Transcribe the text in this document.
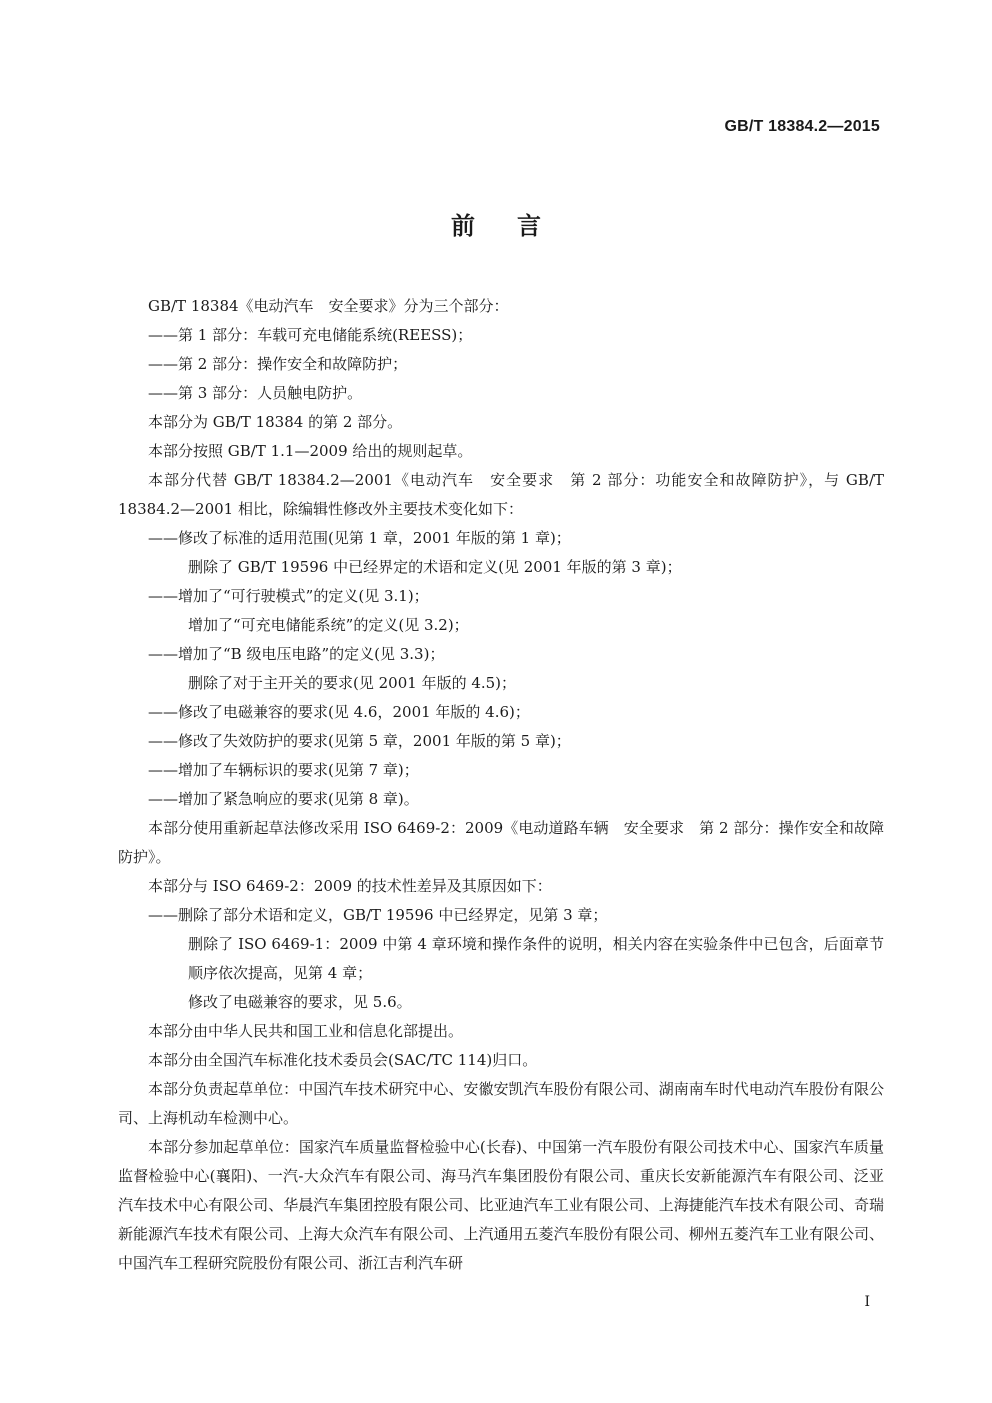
GB/T 18384.2—2015
前言

GB/T 18384《电动汽车　安全要求》分为三个部分：

——第 1 部分：车载可充电储能系统(REESS)；

——第 2 部分：操作安全和故障防护；

——第 3 部分：人员触电防护。

本部分为 GB/T 18384 的第 2 部分。

本部分按照 GB/T 1.1—2009 给出的规则起草。

本部分代替 GB/T 18384.2—2001《电动汽车　安全要求　第 2 部分：功能安全和故障防护》，与 GB/T 18384.2—2001 相比，除编辑性修改外主要技术变化如下：

——修改了标准的适用范围(见第 1 章，2001 年版的第 1 章)；

删除了 GB/T 19596 中已经界定的术语和定义(见 2001 年版的第 3 章)；

——增加了“可行驶模式”的定义(见 3.1)；

增加了“可充电储能系统”的定义(见 3.2)；

——增加了“B 级电压电路”的定义(见 3.3)；

删除了对于主开关的要求(见 2001 年版的 4.5)；

——修改了电磁兼容的要求(见 4.6，2001 年版的 4.6)；

——修改了失效防护的要求(见第 5 章，2001 年版的第 5 章)；

——增加了车辆标识的要求(见第 7 章)；

——增加了紧急响应的要求(见第 8 章)。

本部分使用重新起草法修改采用 ISO 6469-2：2009《电动道路车辆　安全要求　第 2 部分：操作安全和故障防护》。

本部分与 ISO 6469-2：2009 的技术性差异及其原因如下：

——删除了部分术语和定义，GB/T 19596 中已经界定，见第 3 章；

删除了 ISO 6469-1：2009 中第 4 章环境和操作条件的说明，相关内容在实验条件中已包含，后面章节顺序依次提高，见第 4 章；

修改了电磁兼容的要求，见 5.6。

本部分由中华人民共和国工业和信息化部提出。

本部分由全国汽车标准化技术委员会(SAC/TC 114)归口。

本部分负责起草单位：中国汽车技术研究中心、安徽安凯汽车股份有限公司、湖南南车时代电动汽车股份有限公司、上海机动车检测中心。

本部分参加起草单位：国家汽车质量监督检验中心(长春)、中国第一汽车股份有限公司技术中心、国家汽车质量监督检验中心(襄阳)、一汽-大众汽车有限公司、海马汽车集团股份有限公司、重庆长安新能源汽车有限公司、泛亚汽车技术中心有限公司、华晨汽车集团控股有限公司、比亚迪汽车工业有限公司、上海捷能汽车技术有限公司、奇瑞新能源汽车技术有限公司、上海大众汽车有限公司、上汽通用五菱汽车股份有限公司、柳州五菱汽车工业有限公司、中国汽车工程研究院股份有限公司、浙江吉利汽车研

I
